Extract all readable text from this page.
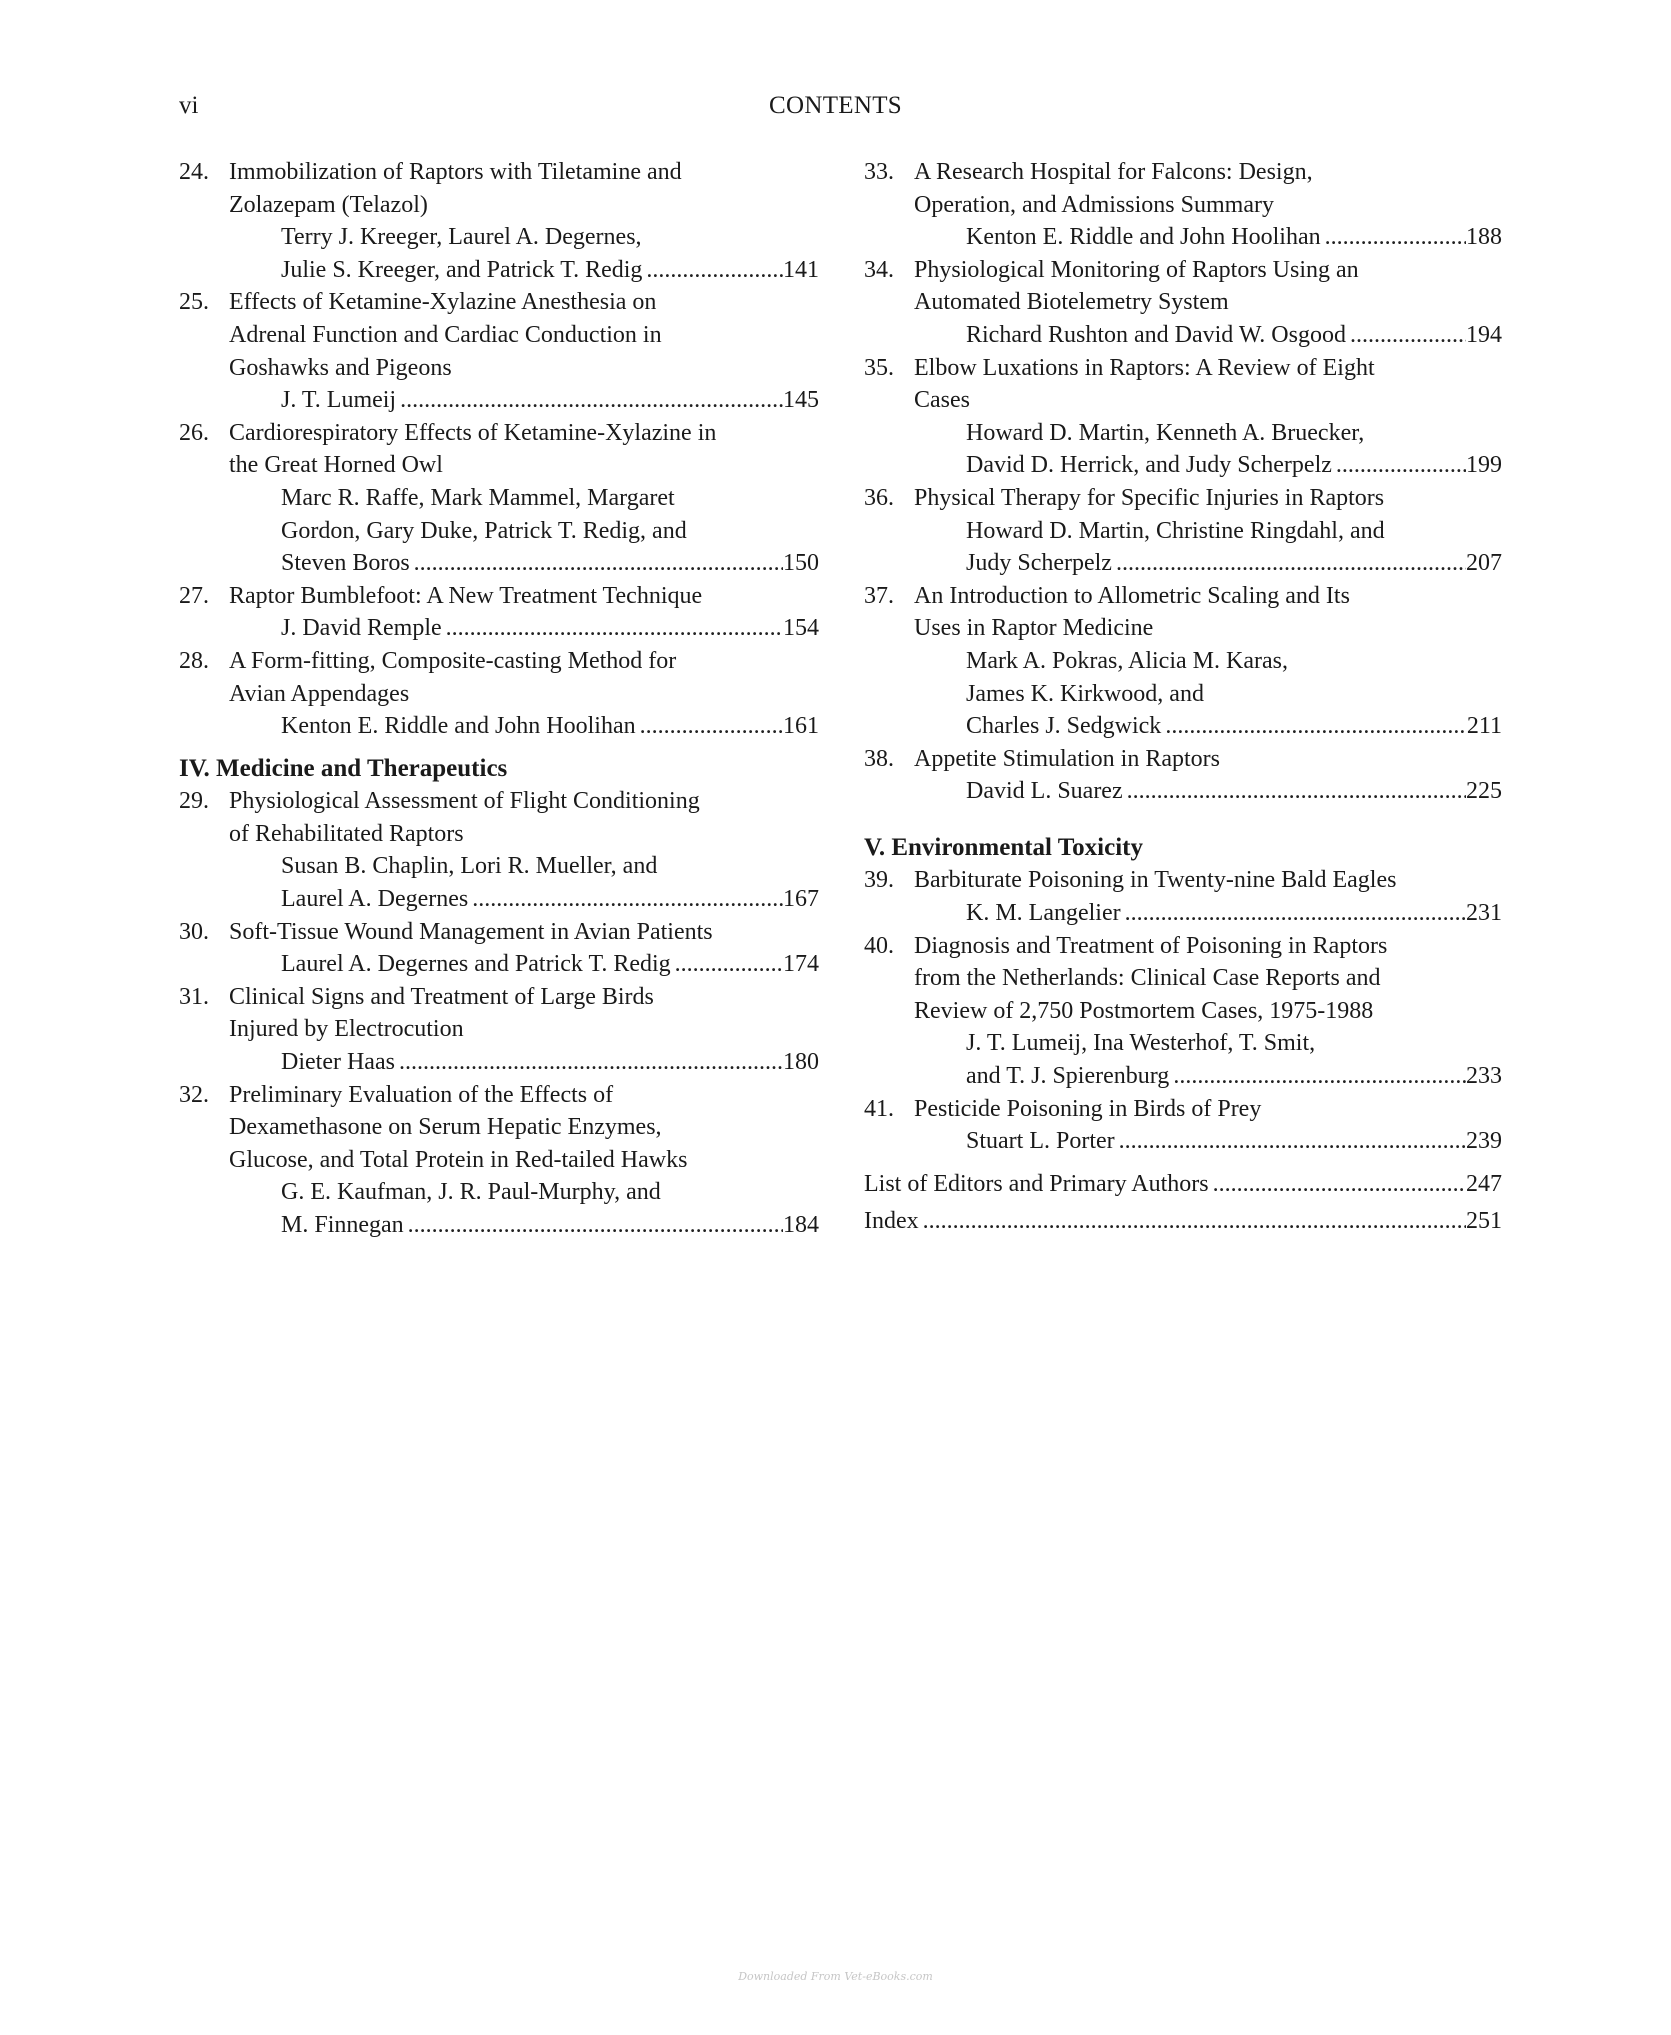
vi	CONTENTS
24. Immobilization of Raptors with Tiletamine and
Zolazepam (Telazol)
Terry J. Kreeger, Laurel A. Degernes,
Julie S. Kreeger, and Patrick T. Redig . . .	141
25. Effects of Ketamine-Xylazine Anesthesia on
Adrenal Function and Cardiac Conduction in
Goshawks and Pigeons
J. T. Lumeij . . .	145
26. Cardiorespiratory Effects of Ketamine-Xylazine in
the Great Horned Owl
Marc R. Raffe, Mark Mammel, Margaret
Gordon, Gary Duke, Patrick T. Redig, and
Steven Boros . . .	150
27. Raptor Bumblefoot: A New Treatment Technique
J. David Remple . . .	154
28. A Form-fitting, Composite-casting Method for
Avian Appendages
Kenton E. Riddle and John Hoolihan . . .	161
IV. Medicine and Therapeutics
29. Physiological Assessment of Flight Conditioning
of Rehabilitated Raptors
Susan B. Chaplin, Lori R. Mueller, and
Laurel A. Degernes . . .	167
30. Soft-Tissue Wound Management in Avian Patients
Laurel A. Degernes and Patrick T. Redig . . .	174
31. Clinical Signs and Treatment of Large Birds
Injured by Electrocution
Dieter Haas . . .	180
32. Preliminary Evaluation of the Effects of
Dexamethasone on Serum Hepatic Enzymes,
Glucose, and Total Protein in Red-tailed Hawks
G. E. Kaufman, J. R. Paul-Murphy, and
M. Finnegan . . .	184
33. A Research Hospital for Falcons: Design,
Operation, and Admissions Summary
Kenton E. Riddle and John Hoolihan . . .	188
34. Physiological Monitoring of Raptors Using an
Automated Biotelemetry System
Richard Rushton and David W. Osgood . . .	194
35. Elbow Luxations in Raptors: A Review of Eight
Cases
Howard D. Martin, Kenneth A. Bruecker,
David D. Herrick, and Judy Scherpelz . . .	199
36. Physical Therapy for Specific Injuries in Raptors
Howard D. Martin, Christine Ringdahl, and
Judy Scherpelz . . .	207
37. An Introduction to Allometric Scaling and Its
Uses in Raptor Medicine
Mark A. Pokras, Alicia M. Karas,
James K. Kirkwood, and
Charles J. Sedgwick . . .	211
38. Appetite Stimulation in Raptors
David L. Suarez . . .	225
V. Environmental Toxicity
39. Barbiturate Poisoning in Twenty-nine Bald Eagles
K. M. Langelier . . .	231
40. Diagnosis and Treatment of Poisoning in Raptors
from the Netherlands: Clinical Case Reports and
Review of 2,750 Postmortem Cases, 1975-1988
J. T. Lumeij, Ina Westerhof, T. Smit,
and T. J. Spierenburg . . .	233
41. Pesticide Poisoning in Birds of Prey
Stuart L. Porter . . .	239
List of Editors and Primary Authors . . .	247
Index . . .	251
Downloaded From Vet-eBooks.com
